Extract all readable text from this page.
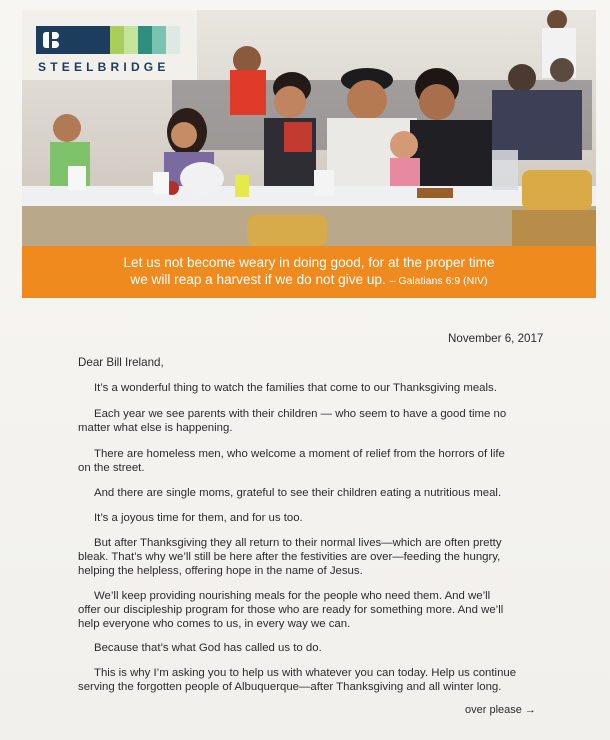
STEELBRIDGE
Let us not become weary in doing good, for at the proper time
we will reap a harvest if we do not give up. – Galatians 6:9 (NIV)
November 6, 2017
Dear Bill Ireland,
It’s a wonderful thing to watch the families that come to our Thanksgiving meals.
Each year we see parents with their children — who seem to have a good time no
matter what else is happening.
There are homeless men, who welcome a moment of relief from the horrors of life
on the street.
And there are single moms, grateful to see their children eating a nutritious meal.
It’s a joyous time for them, and for us too.
But after Thanksgiving they all return to their normal lives—which are often pretty
bleak. That’s why we’ll still be here after the festivities are over—feeding the hungry,
helping the helpless, offering hope in the name of Jesus.
We’ll keep providing nourishing meals for the people who need them. And we’ll
offer our discipleship program for those who are ready for something more. And we’ll
help everyone who comes to us, in every way we can.
Because that’s what God has called us to do.
This is why I’m asking you to help us with whatever you can today. Help us continue
serving the forgotten people of Albuquerque—after Thanksgiving and all winter long.
over please →
